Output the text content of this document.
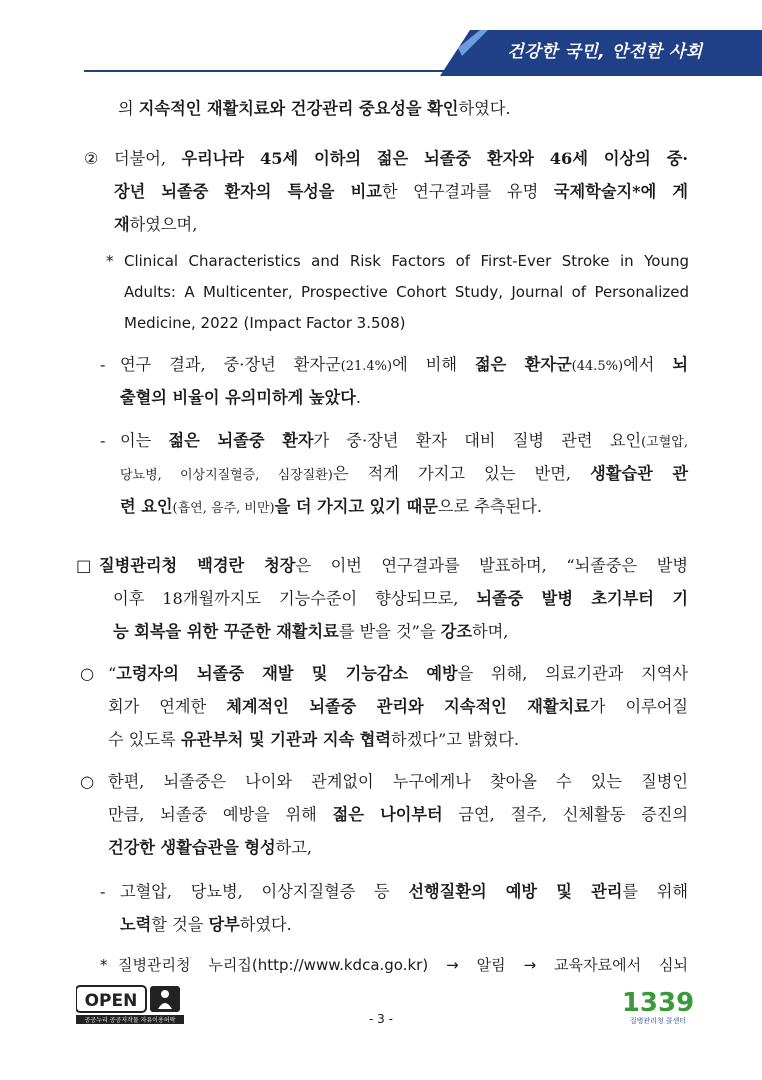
건강한 국민, 안전한 사회
의 지속적인 재활치료와 건강관리 중요성을 확인하였다.
② 더불어, 우리나라 45세 이하의 젊은 뇌졸중 환자와 46세 이상의 중·
장년 뇌졸중 환자의 특성을 비교한 연구결과를 유명 국제학술지*에 게
재하였으며,
* Clinical Characteristics and Risk Factors of First-Ever Stroke in Young
Adults: A Multicenter, Prospective Cohort Study, Journal of Personalized
Medicine, 2022 (Impact Factor 3.508)
- 연구 결과, 중·장년 환자군(21.4%)에 비해 젊은 환자군(44.5%)에서 뇌
출혈의 비율이 유의미하게 높았다.
- 이는 젊은 뇌졸중 환자가 중·장년 환자 대비 질병 관련 요인(고혈압,
당뇨병, 이상지질혈증, 심장질환)은 적게 가지고 있는 반면, 생활습관 관
련 요인(흡연, 음주, 비만)을 더 가지고 있기 때문으로 추측된다.
□ 질병관리청 백경란 청장은 이번 연구결과를 발표하며, “뇌졸중은 발병
이후 18개월까지도 기능수준이 향상되므로, 뇌졸중 발병 초기부터 기
능 회복을 위한 꾸준한 재활치료를 받을 것”을 강조하며,
○ “고령자의 뇌졸중 재발 및 기능감소 예방을 위해, 의료기관과 지역사
회가 연계한 체계적인 뇌졸중 관리와 지속적인 재활치료가 이루어질
수 있도록 유관부처 및 기관과 지속 협력하겠다”고 밝혔다.
○ 한편, 뇌졸중은 나이와 관계없이 누구에게나 찾아올 수 있는 질병인
만큼, 뇌졸중 예방을 위해 젊은 나이부터 금연, 절주, 신체활동 증진의
건강한 생활습관을 형성하고,
- 고혈압, 당뇨병, 이상지질혈증 등 선행질환의 예방 및 관리를 위해
노력할 것을 당부하였다.
* 질병관리청 누리집(http://www.kdca.go.kr) → 알림 → 교육자료에서 심뇌
OPEN
공공누리 공공저작물 자유이용허락	- 3 -
1339
질병관리청 콜센터
